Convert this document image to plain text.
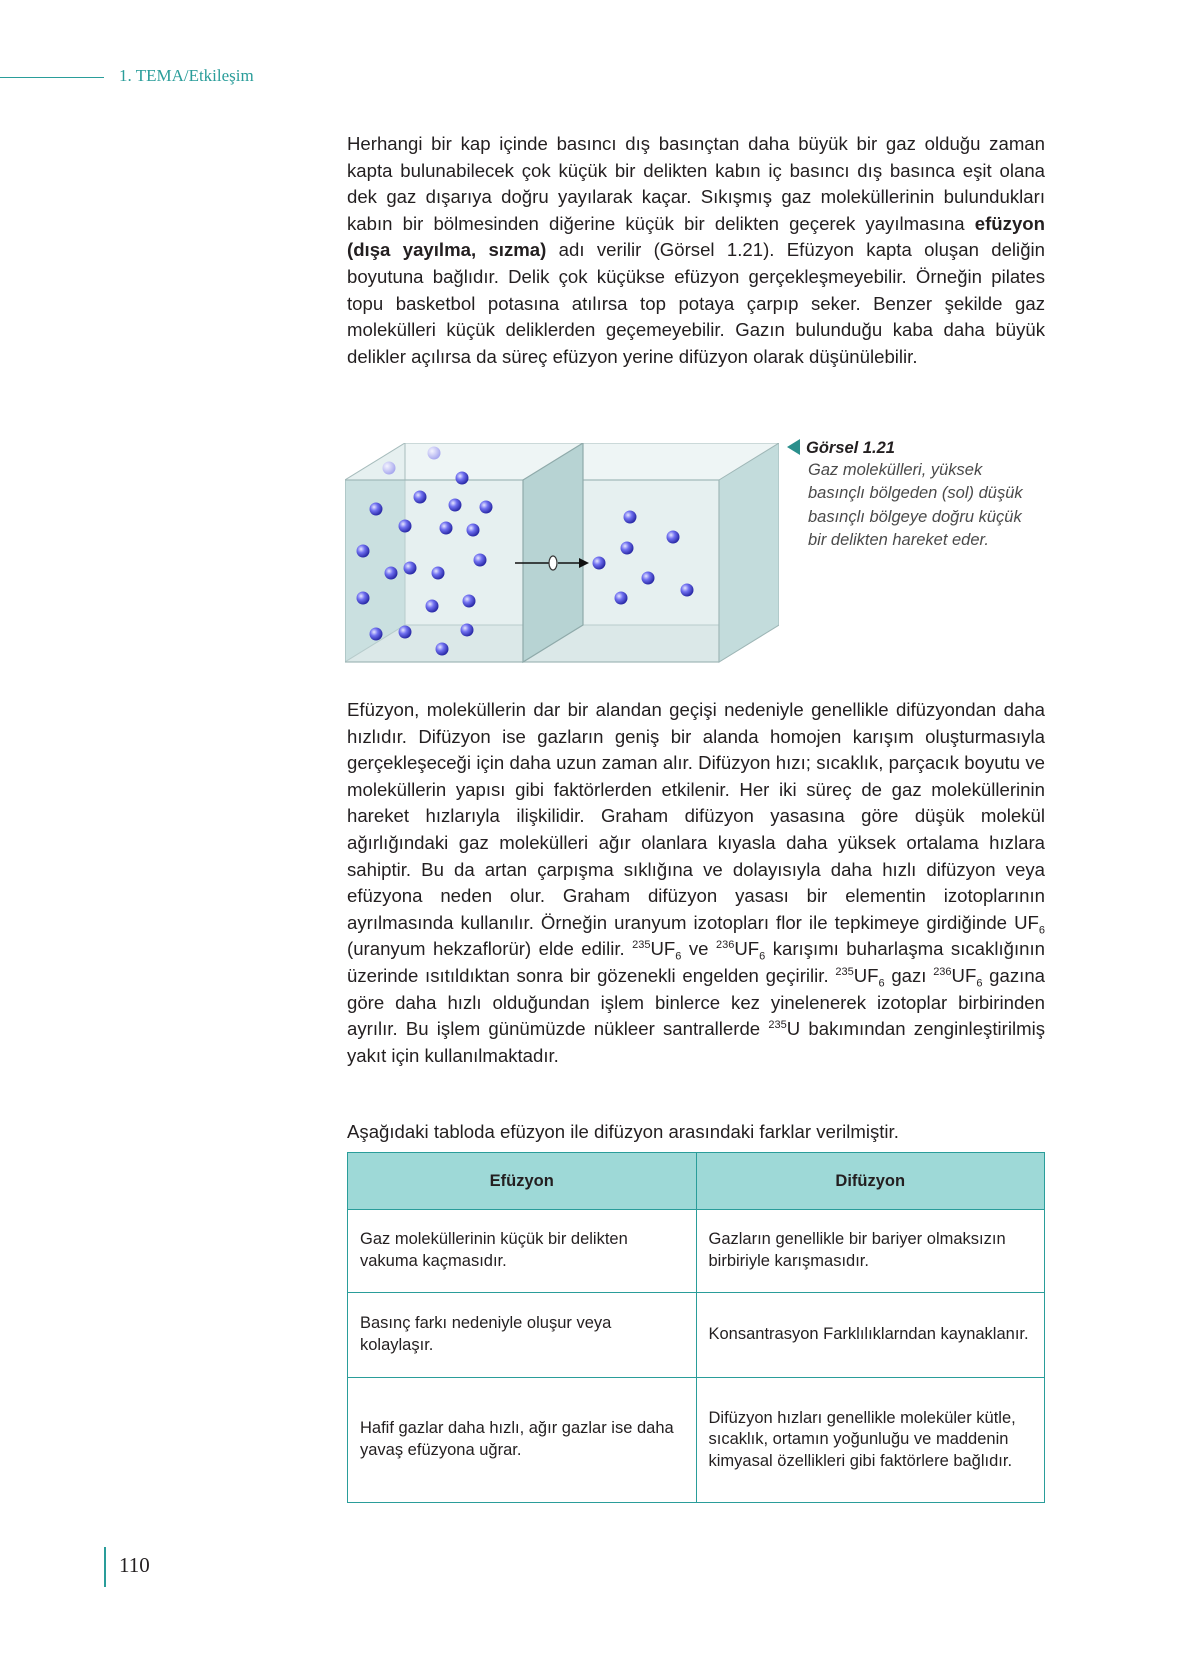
1. TEMA/Etkileşim

Herhangi bir kap içinde basıncı dış basınçtan daha büyük bir gaz olduğu zaman kapta bulunabilecek çok küçük bir delikten kabın iç basıncı dış basınca eşit olana dek gaz dışarıya doğru yayılarak kaçar. Sıkışmış gaz moleküllerinin bulundukları kabın bir bölmesinden diğerine küçük bir delikten geçerek yayılmasına efüzyon (dışa yayılma, sızma) adı verilir (Görsel 1.21). Efüzyon kapta oluşan deliğin boyutuna bağlıdır. Delik çok küçükse efüzyon gerçekleşmeyebilir. Örneğin pilates topu basketbol potasına atılırsa top potaya çarpıp seker. Benzer şekilde gaz molekülleri küçük deliklerden geçemeyebilir. Gazın bulunduğu kaba daha büyük delikler açılırsa da süreç efüzyon yerine difüzyon olarak düşünülebilir.

Görsel 1.21
Gaz molekülleri, yüksek basınçlı bölgeden (sol) düşük basınçlı bölgeye doğru küçük bir delikten hareket eder.

Efüzyon, moleküllerin dar bir alandan geçişi nedeniyle genellikle difüzyondan daha hızlıdır. Difüzyon ise gazların geniş bir alanda homojen karışım oluşturmasıyla gerçekleşeceği için daha uzun zaman alır. Difüzyon hızı; sıcaklık, parçacık boyutu ve moleküllerin yapısı gibi faktörlerden etkilenir. Her iki süreç de gaz moleküllerinin hareket hızlarıyla ilişkilidir. Graham difüzyon yasasına göre düşük molekül ağırlığındaki gaz molekülleri ağır olanlara kıyasla daha yüksek ortalama hızlara sahiptir. Bu da artan çarpışma sıklığına ve dolayısıyla daha hızlı difüzyon veya efüzyona neden olur. Graham difüzyon yasası bir elementin izotoplarının ayrılmasında kullanılır. Örneğin uranyum izotopları flor ile tepkimeye girdiğinde $UF_6$ (uranyum hekzaflorür) elde edilir. $^{235}UF_6$ ve $^{236}UF_6$ karışımı buharlaşma sıcaklığının üzerinde ısıtıldıktan sonra bir gözenekli engelden geçirilir. $^{235}UF_6$ gazı $^{236}UF_6$ gazına göre daha hızlı olduğundan işlem binlerce kez yinelenerek izotoplar birbirinden ayrılır. Bu işlem günümüzde nükleer santrallerde $^{235}$U bakımından zenginleştirilmiş yakıt için kullanılmaktadır.

Aşağıdaki tabloda efüzyon ile difüzyon arasındaki farklar verilmiştir.

Efüzyon	Difüzyon
Gaz moleküllerinin küçük bir delikten vakuma kaçmasıdır.	Gazların genellikle bir bariyer olmaksızın birbiriyle karışmasıdır.
Basınç farkı nedeniyle oluşur veya kolaylaşır.	Konsantrasyon Farklılıklarndan kaynaklanır.
Hafif gazlar daha hızlı, ağır gazlar ise daha yavaş efüzyona uğrar.	Difüzyon hızları genellikle moleküler kütle, sıcaklık, ortamın yoğunluğu ve maddenin kimyasal özellikleri gibi faktörlere bağlıdır.
110
